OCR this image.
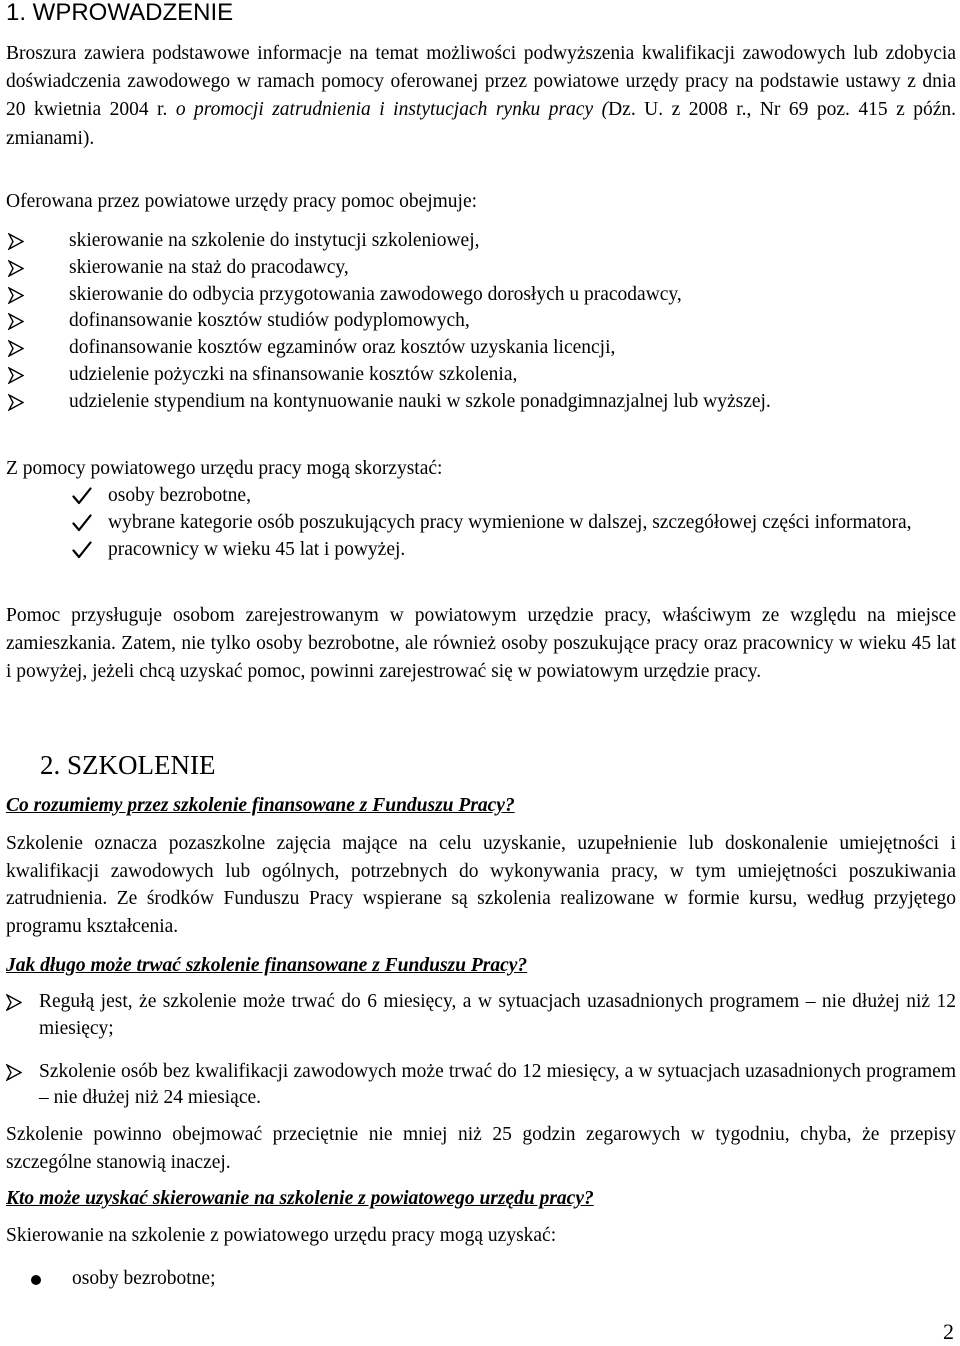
1. WPROWADZENIE

Broszura zawiera podstawowe informacje na temat możliwości podwyższenia kwalifikacji zawodowych lub zdobycia doświadczenia zawodowego w ramach pomocy oferowanej przez powiatowe urzędy pracy na podstawie ustawy z dnia 20 kwietnia 2004 r. o promocji zatrudnienia i instytucjach rynku pracy (Dz. U. z 2008 r., Nr 69 poz. 415 z późn. zmianami).

Oferowana przez powiatowe urzędy pracy pomoc obejmuje:

skierowanie na szkolenie do instytucji szkoleniowej,
skierowanie na staż do pracodawcy,
skierowanie do odbycia przygotowania zawodowego dorosłych u pracodawcy,
dofinansowanie kosztów studiów podyplomowych,
dofinansowanie kosztów egzaminów oraz kosztów uzyskania licencji,
udzielenie pożyczki na sfinansowanie kosztów szkolenia,
udzielenie stypendium na kontynuowanie nauki w szkole ponadgimnazjalnej lub wyższej.

Z pomocy powiatowego urzędu pracy mogą skorzystać:

osoby bezrobotne,
wybrane kategorie osób poszukujących pracy wymienione w dalszej, szczegółowej części informatora,
pracownicy w wieku 45 lat i powyżej.

Pomoc przysługuje osobom zarejestrowanym w powiatowym urzędzie pracy, właściwym ze względu na miejsce zamieszkania. Zatem, nie tylko osoby bezrobotne, ale również osoby poszukujące pracy oraz pracownicy w wieku 45 lat i powyżej, jeżeli chcą uzyskać pomoc, powinni zarejestrować się w powiatowym urzędzie pracy.

2. SZKOLENIE

Co rozumiemy przez szkolenie finansowane z Funduszu Pracy?

Szkolenie oznacza pozaszkolne zajęcia mające na celu uzyskanie, uzupełnienie lub doskonalenie umiejętności i kwalifikacji zawodowych lub ogólnych, potrzebnych do wykonywania pracy, w tym umiejętności poszukiwania zatrudnienia. Ze środków Funduszu Pracy wspierane są szkolenia realizowane w formie kursu, według przyjętego programu kształcenia.

Jak długo może trwać szkolenie finansowane z Funduszu Pracy?

Regułą jest, że szkolenie może trwać do 6 miesięcy, a w sytuacjach uzasadnionych programem – nie dłużej niż 12 miesięcy;
Szkolenie osób bez kwalifikacji zawodowych może trwać do 12 miesięcy, a w sytuacjach uzasadnionych programem – nie dłużej niż 24 miesiące.

Szkolenie powinno obejmować przeciętnie nie mniej niż 25 godzin zegarowych w tygodniu, chyba, że przepisy szczególne stanowią inaczej.

Kto może uzyskać skierowanie na szkolenie z powiatowego urzędu pracy?

Skierowanie na szkolenie z powiatowego urzędu pracy mogą uzyskać:

osoby bezrobotne;
2
